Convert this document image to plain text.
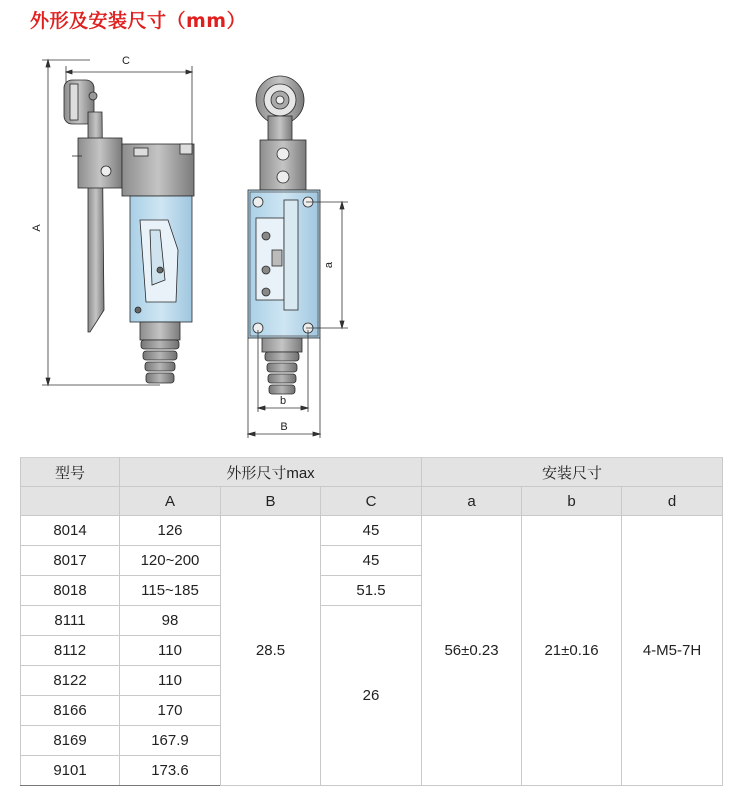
外形及安装尺寸（mm）
C
A
a
b
B
型号	外形尺寸max			安装尺寸		
	A	B	C	a	b	d
8014	126	28.5	45	56±0.23	21±0.16	4-M5-7H
8017	120~200		45			
8018	115~185		51.5			
8111	98		26			
8112	110					
8122	110					
8166	170					
8169	167.9					
9101	173.6					
